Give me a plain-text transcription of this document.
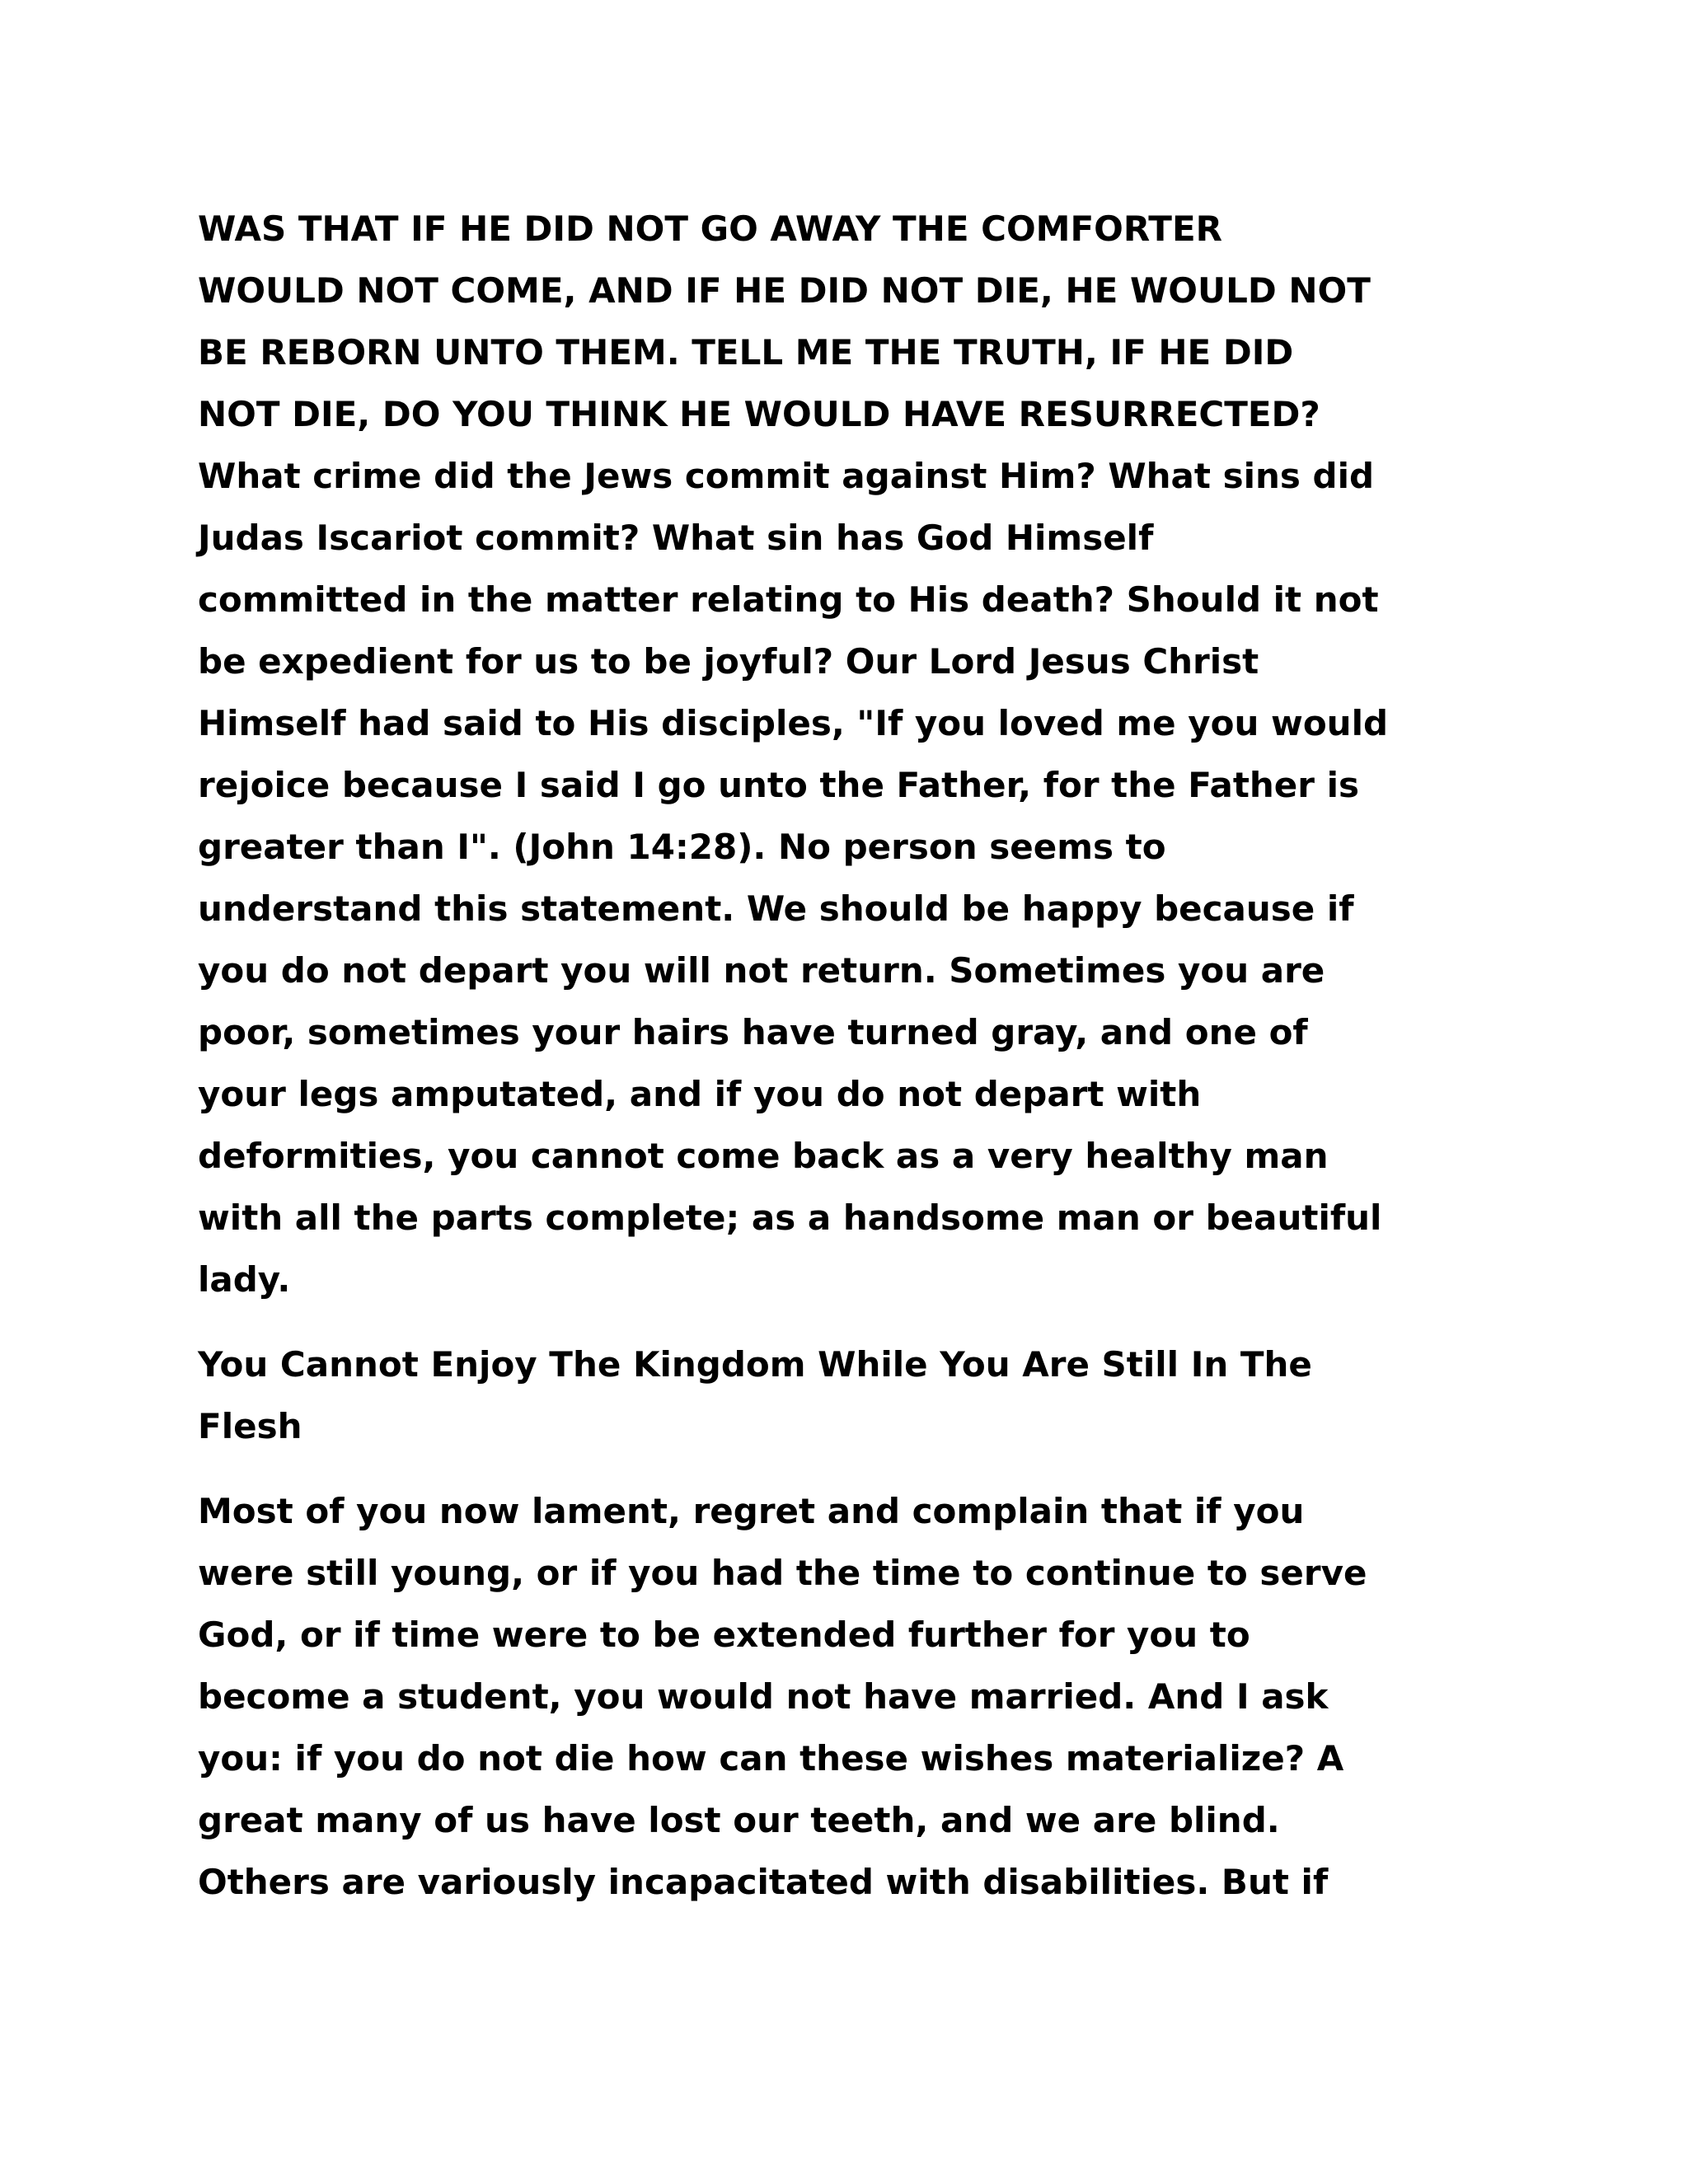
WAS THAT IF HE DID NOT GO AWAY THE COMFORTER
WOULD NOT COME, AND IF HE DID NOT DIE, HE WOULD NOT
BE REBORN UNTO THEM. TELL ME THE TRUTH, IF HE DID
NOT DIE, DO YOU THINK HE WOULD HAVE RESURRECTED?
What crime did the Jews commit against Him? What sins did
Judas Iscariot commit? What sin has God Himself
committed in the matter relating to His death? Should it not
be expedient for us to be joyful? Our Lord Jesus Christ
Himself had said to His disciples, "If you loved me you would
rejoice because I said I go unto the Father, for the Father is
greater than I". (John 14:28). No person seems to
understand this statement. We should be happy because if
you do not depart you will not return. Sometimes you are
poor, sometimes your hairs have turned gray, and one of
your legs amputated, and if you do not depart with
deformities, you cannot come back as a very healthy man
with all the parts complete; as a handsome man or beautiful
lady.

You Cannot Enjoy The Kingdom While You Are Still In The
Flesh

Most of you now lament, regret and complain that if you
were still young, or if you had the time to continue to serve
God, or if time were to be extended further for you to
become a student, you would not have married. And I ask
you: if you do not die how can these wishes materialize? A
great many of us have lost our teeth, and we are blind.
Others are variously incapacitated with disabilities. But if
